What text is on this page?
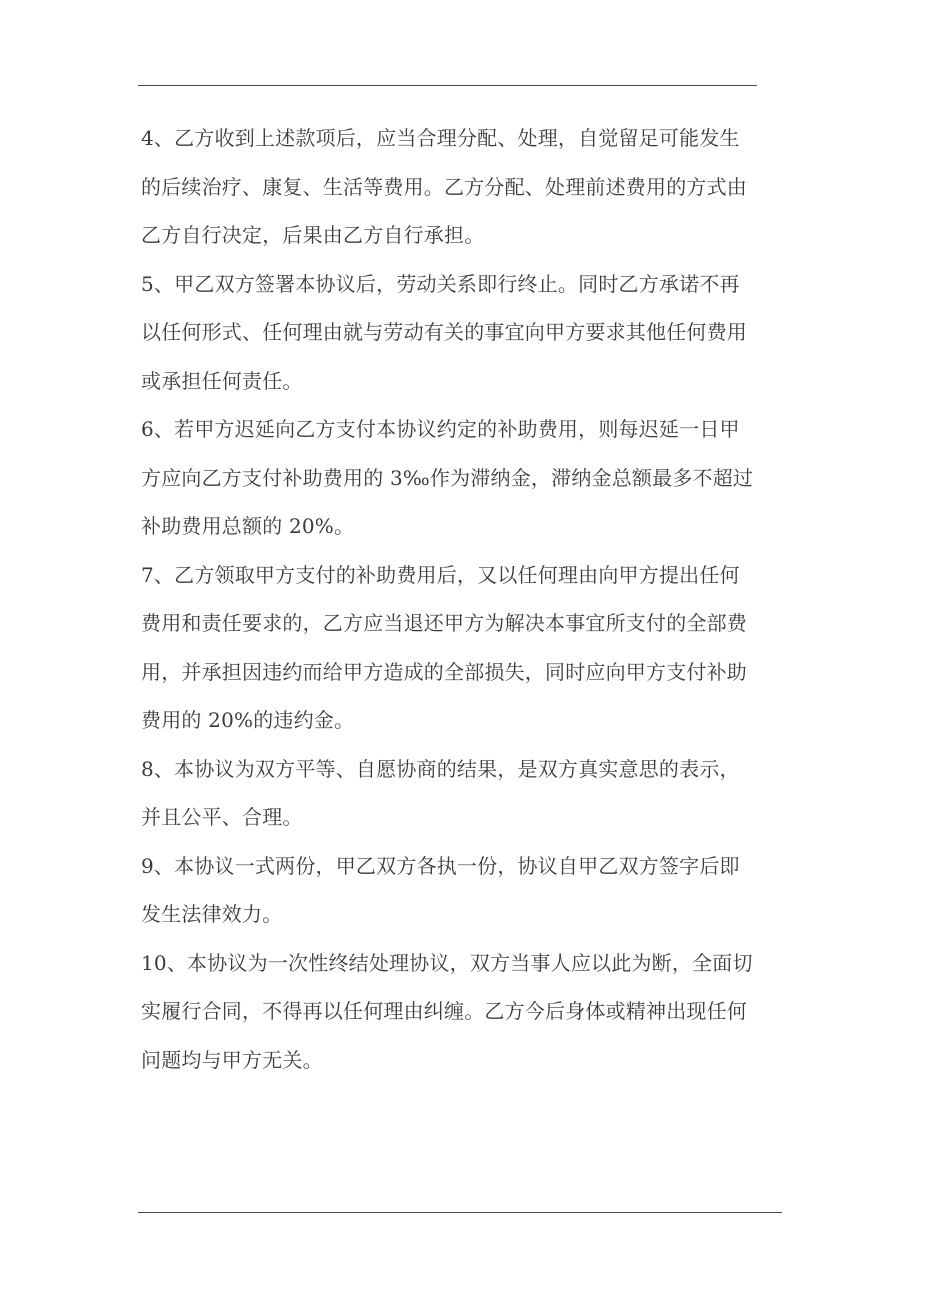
4、乙方收到上述款项后，应当合理分配、处理，自觉留足可能发生
的后续治疗、康复、生活等费用。乙方分配、处理前述费用的方式由
乙方自行决定，后果由乙方自行承担。
5、甲乙双方签署本协议后，劳动关系即行终止。同时乙方承诺不再
以任何形式、任何理由就与劳动有关的事宜向甲方要求其他任何费用
或承担任何责任。
6、若甲方迟延向乙方支付本协议约定的补助费用，则每迟延一日甲
方应向乙方支付补助费用的 3‰作为滞纳金，滞纳金总额最多不超过
补助费用总额的 20%。
7、乙方领取甲方支付的补助费用后，又以任何理由向甲方提出任何
费用和责任要求的，乙方应当退还甲方为解决本事宜所支付的全部费
用，并承担因违约而给甲方造成的全部损失，同时应向甲方支付补助
费用的 20%的违约金。
8、本协议为双方平等、自愿协商的结果，是双方真实意思的表示，
并且公平、合理。
9、本协议一式两份，甲乙双方各执一份，协议自甲乙双方签字后即
发生法律效力。
10、本协议为一次性终结处理协议，双方当事人应以此为断，全面切
实履行合同，不得再以任何理由纠缠。乙方今后身体或精神出现任何
问题均与甲方无关。
